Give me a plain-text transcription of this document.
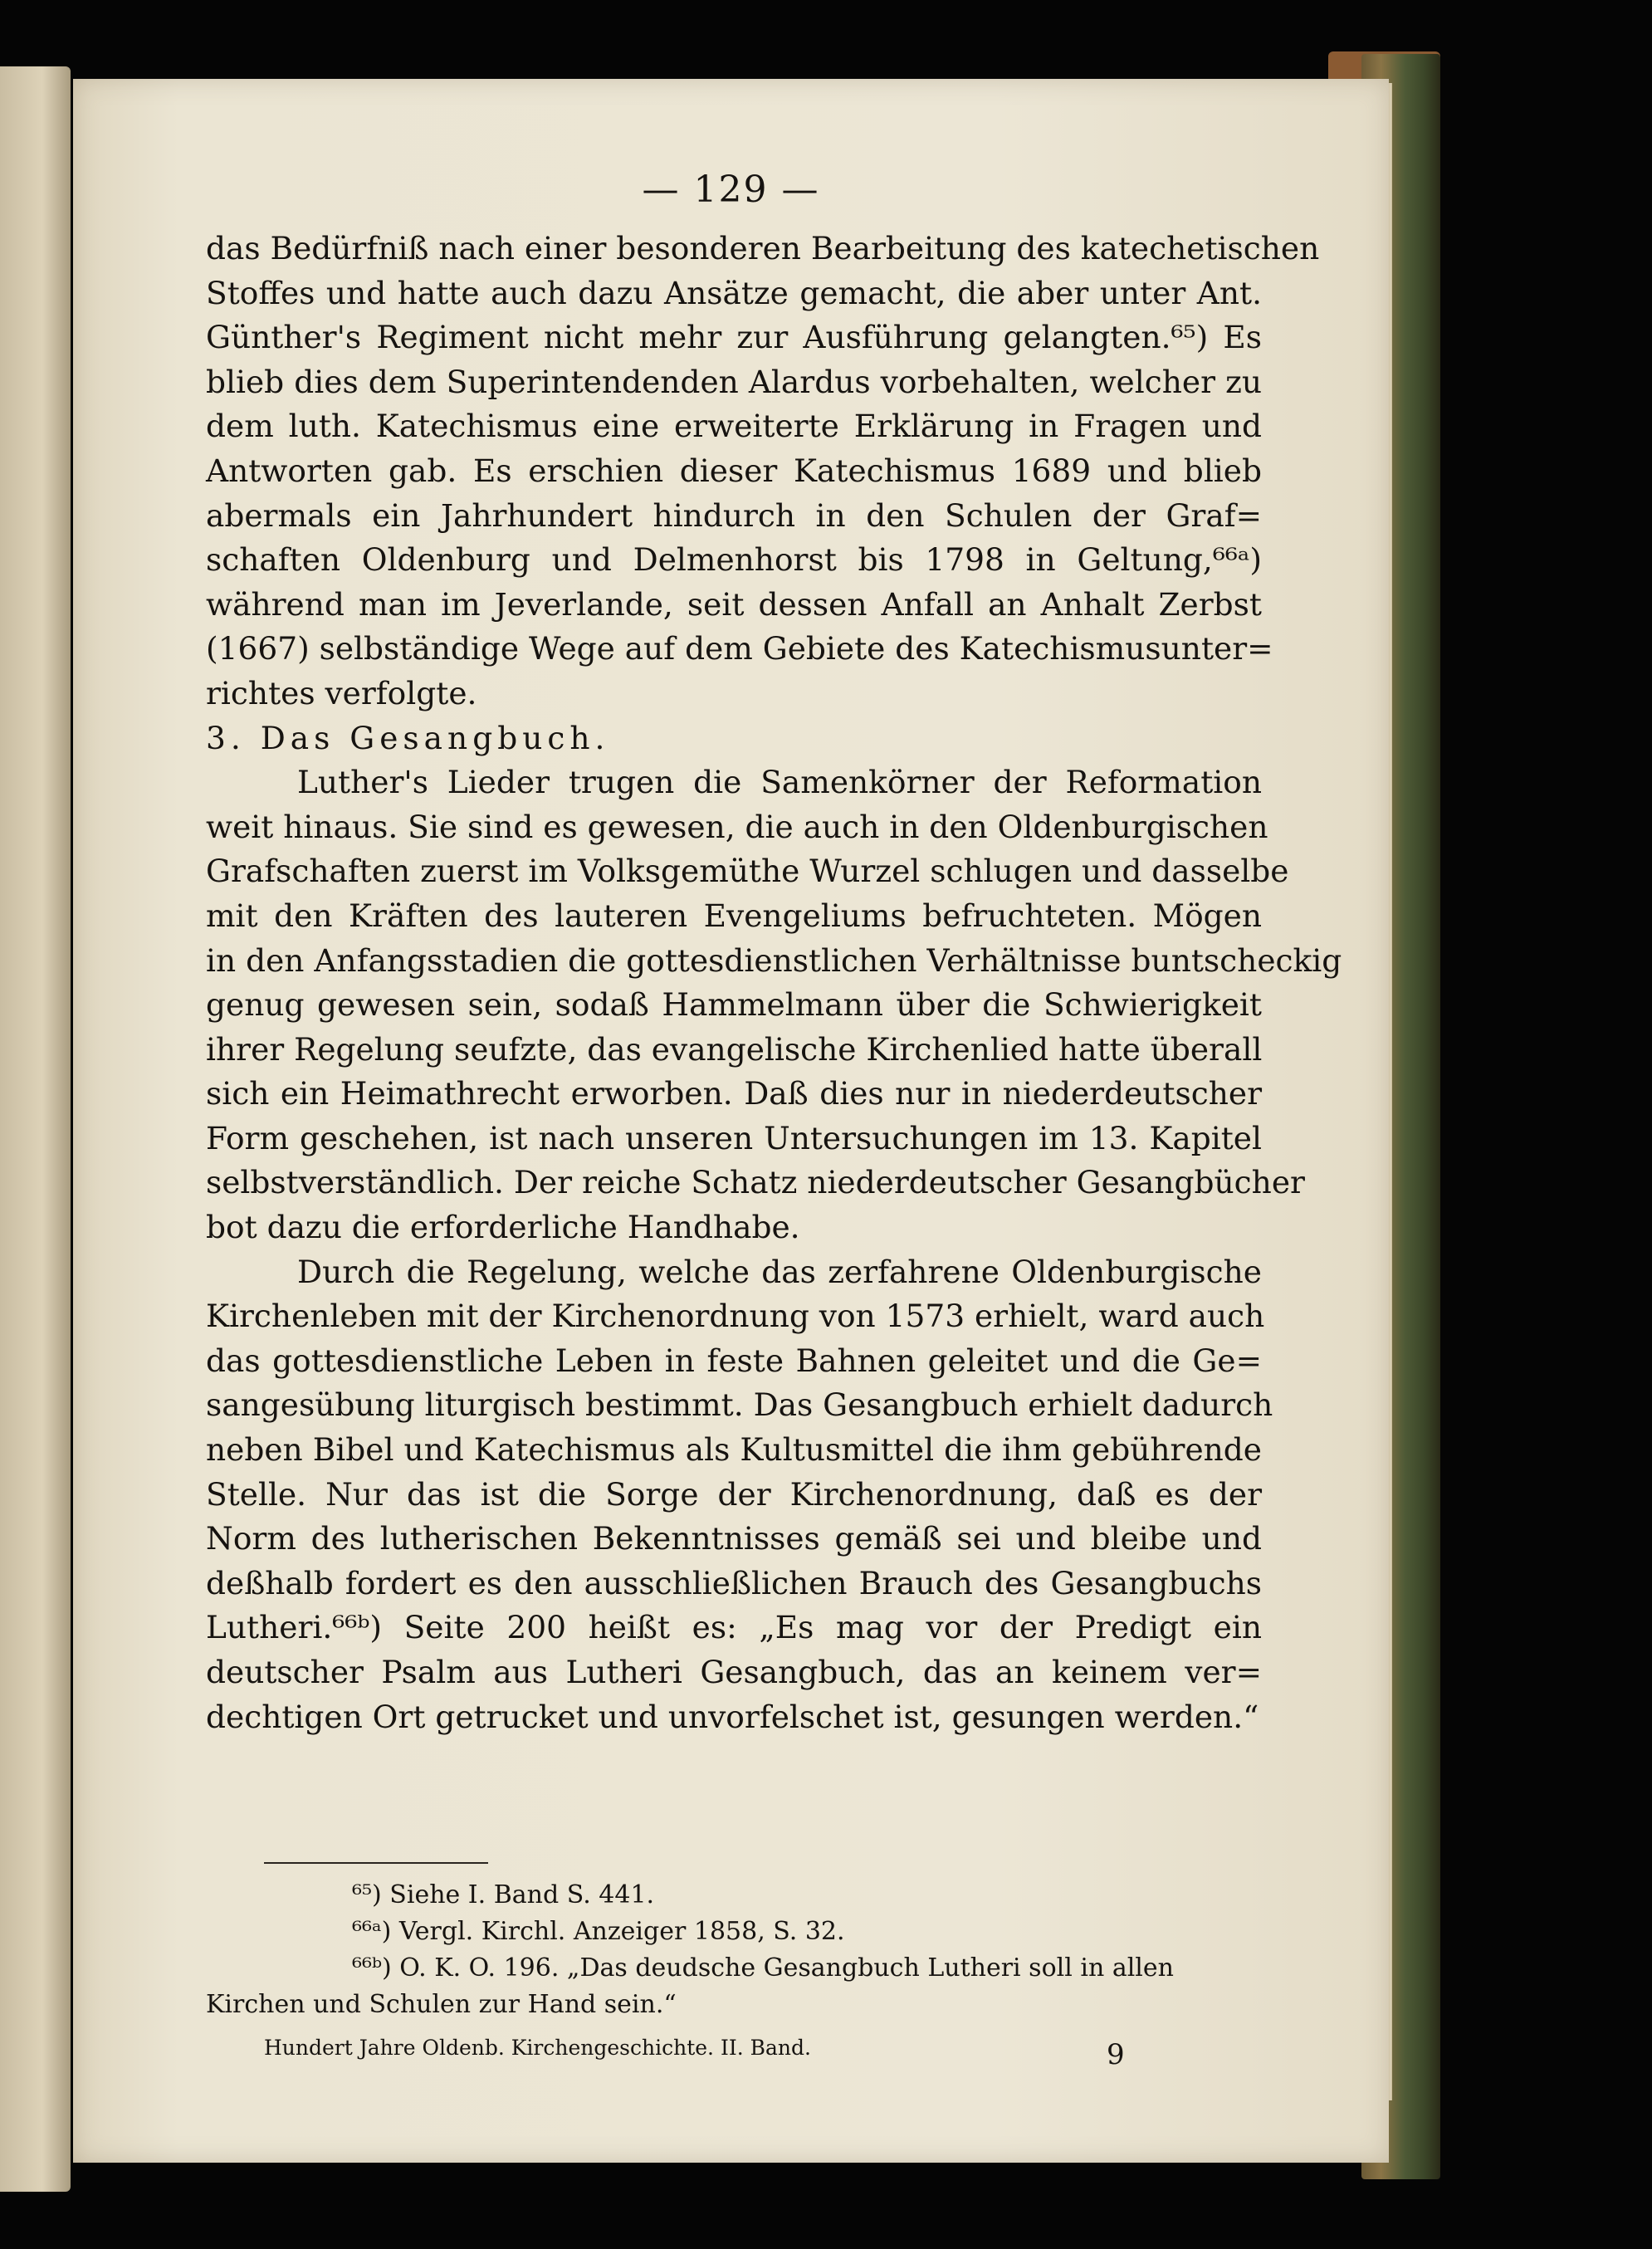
— 129 —

das Bedürfniß nach einer besonderen Bearbeitung des katechetischen
Stoffes und hatte auch dazu Ansätze gemacht, die aber unter Ant.
Günther's Regiment nicht mehr zur Ausführung gelangten.⁶⁵) Es
blieb dies dem Superintendenden Alardus vorbehalten, welcher zu
dem luth. Katechismus eine erweiterte Erklärung in Fragen und
Antworten gab. Es erschien dieser Katechismus 1689 und blieb
abermals ein Jahrhundert hindurch in den Schulen der Graf=
schaften Oldenburg und Delmenhorst bis 1798 in Geltung,⁶⁶ᵃ)
während man im Jeverlande, seit dessen Anfall an Anhalt Zerbst
(1667) selbständige Wege auf dem Gebiete des Katechismusunter=
richtes verfolgte.

3. Das Gesangbuch.

Luther's Lieder trugen die Samenkörner der Reformation
weit hinaus. Sie sind es gewesen, die auch in den Oldenburgischen
Grafschaften zuerst im Volksgemüthe Wurzel schlugen und dasselbe
mit den Kräften des lauteren Evengeliums befruchteten. Mögen
in den Anfangsstadien die gottesdienstlichen Verhältnisse buntscheckig
genug gewesen sein, sodaß Hammelmann über die Schwierigkeit
ihrer Regelung seufzte, das evangelische Kirchenlied hatte überall
sich ein Heimathrecht erworben. Daß dies nur in niederdeutscher
Form geschehen, ist nach unseren Untersuchungen im 13. Kapitel
selbstverständlich. Der reiche Schatz niederdeutscher Gesangbücher
bot dazu die erforderliche Handhabe.

Durch die Regelung, welche das zerfahrene Oldenburgische
Kirchenleben mit der Kirchenordnung von 1573 erhielt, ward auch
das gottesdienstliche Leben in feste Bahnen geleitet und die Ge=
sangesübung liturgisch bestimmt. Das Gesangbuch erhielt dadurch
neben Bibel und Katechismus als Kultusmittel die ihm gebührende
Stelle. Nur das ist die Sorge der Kirchenordnung, daß es der
Norm des lutherischen Bekenntnisses gemäß sei und bleibe und
deßhalb fordert es den ausschließlichen Brauch des Gesangbuchs
Lutheri.⁶⁶ᵇ) Seite 200 heißt es: „Es mag vor der Predigt ein
deutscher Psalm aus Lutheri Gesangbuch, das an keinem ver=
dechtigen Ort getrucket und unvorfelschet ist, gesungen werden.“

⁶⁵) Siehe I. Band S. 441.
⁶⁶ᵃ) Vergl. Kirchl. Anzeiger 1858, S. 32.
⁶⁶ᵇ) O. K. O. 196. „Das deudsche Gesangbuch Lutheri soll in allen
Kirchen und Schulen zur Hand sein.“
Hundert Jahre Oldenb. Kirchengeschichte. II. Band.	9
